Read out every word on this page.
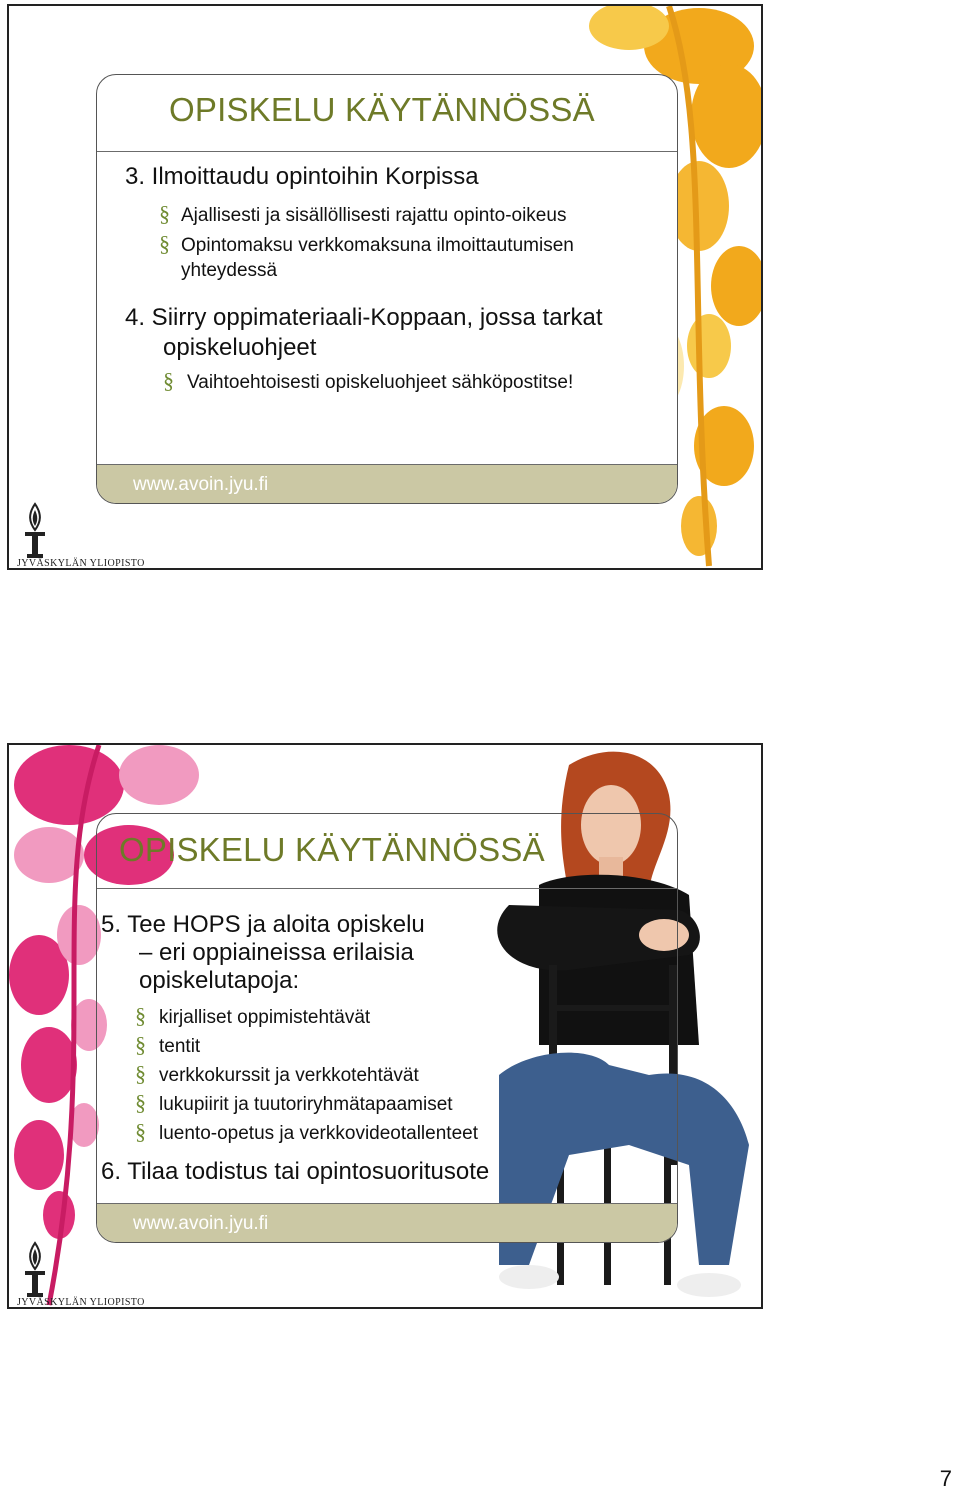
OPISKELU KÄYTÄNNÖSSÄ
3. Ilmoittaudu opintoihin Korpissa
§ Ajallisesti ja sisällöllisesti rajattu opinto-oikeus
§ Opintomaksu verkkomaksuna ilmoittautumisen
yhteydessä
4. Siirry oppimateriaali-Koppaan, jossa tarkat
opiskeluohjeet
§ Vaihtoehtoisesti opiskeluohjeet sähköpostitse!
www.avoin.jyu.fi
JYVÄSKYLÄN YLIOPISTO
www.avoin.jyu.fi
OPISKELU KÄYTÄNNÖSSÄ
5. Tee HOPS ja aloita opiskelu
– eri oppiaineissa erilaisia
opiskelutapoja:
§ kirjalliset oppimistehtävät
§ tentit
§ verkkokurssit ja verkkotehtävät
§ lukupiirit ja tuutoriryhmätapaamiset
§ luento-opetus ja verkkovideotallenteet
6. Tilaa todistus tai opintosuoritusote
JYVÄSKYLÄN YLIOPISTO
7
